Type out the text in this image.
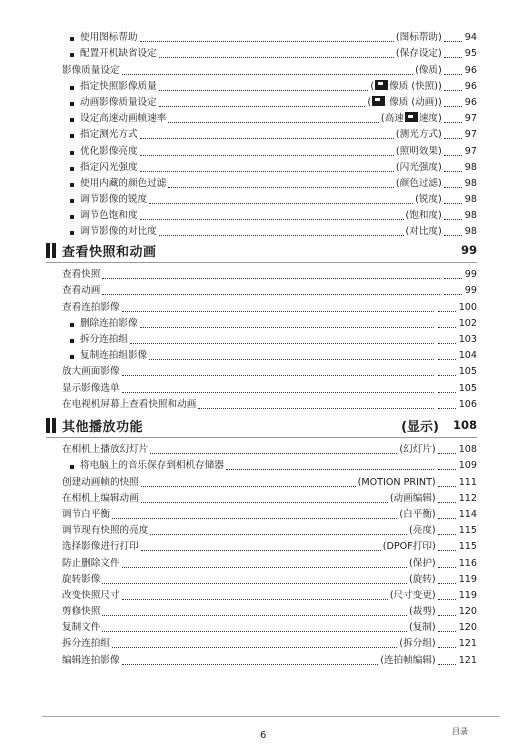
使用图标帮助	(图标帮助) 94
配置开机缺省设定	(保存设定) 95
影像质量设定	(像质) 96
指定快照影像质量	( 像质 (快照)) 96
动画影像质量设定	( 像质 (动画)) 96
设定高速动画帧速率	(高速 速度) 97
指定测光方式	(测光方式) 97
优化影像亮度	(照明效果) 97
指定闪光强度	(闪光强度) 98
使用内藏的颜色过滤	(颜色过滤) 98
调节影像的锐度	(锐度) 98
调节色饱和度	(饱和度) 98
调节影像的对比度	(对比度) 98
查看快照和动画	99
查看快照	99
查看动画	99
查看连拍影像	100
删除连拍影像	102
拆分连拍组	103
复制连拍组影像	104
放大画面影像	105
显示影像选单	105
在电视机屏幕上查看快照和动画	106
其他播放功能	(显示) 108
在相机上播放幻灯片	(幻灯片) 108
将电脑上的音乐保存到相机存储器	109
创建动画帧的快照	(MOTION PRINT) 111
在相机上编辑动画	(动画编辑) 112
调节白平衡	(白平衡) 114
调节现有快照的亮度	(亮度) 115
选择影像进行打印	(DPOF打印) 115
防止删除文件	(保护) 116
旋转影像	(旋转) 119
改变快照尺寸	(尺寸变更) 119
剪修快照	(裁剪) 120
复制文件	(复制) 120
拆分连拍组	(拆分组) 121
编辑连拍影像	(连拍帧编辑) 121
6	目录
